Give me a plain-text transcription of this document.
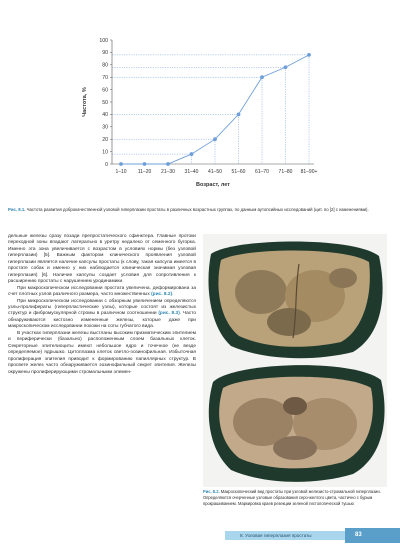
0
10
20
30
40
50
60
70
80
90
100
1–10 11–20 21–30 31–40 41–50 51–60 61–70 71–80 81–90+
Частота, %
Возраст, лет
Рис. 8.1. Частота развития доброкачественной узловой гиперплазии простаты в различных возрастных группах, по данным аутопсийных исследований (цит. по [2] с изменениями).

дельные железы сразу позади препростатического сфинктера. Главные протоки переходной зоны впадают латерально в уретру недалеко от семенного бугорка. Именно эта зона увеличивается с возрастом в условиях нормы (без узловой гиперплазии) [5]. Важным фактором клинического проявления узловой гиперплазии является наличие капсулы простаты (к слову, такая капсула имеется в простате собак и именно у них наблюдается клиническая значимая узловая гиперплазия) [6]. Наличие капсулы создает условия для сопротивления к расширению простаты с нарушением уродинамики.

При макроскопическом исследовании простата увеличена, деформирована за счет плотных узлов различного размера, часто множественных (рис. 8.2).

При микроскопическом исследовании с обзорным увеличением определяются узлы-пролифераты (гиперпластические узлы), которые состоят из железистых структур и фибромускулярной стромы в различном соотношении (рис. 8.3). Часто обнаруживаются кистозно измененные железы, которые даже при макроскопическом исследовании похожи на соты губчатого вида.

В участках гиперплазии железы выстланы высоким призматическим эпителием и периферически (базально) расположенным слоем базальных клеток. Секреторные эпителиоциты имеют небольшое ядро и точечное (не везде определяемое) ядрышко. Цитоплазма клеток светло-эозинофильная. Избыточная пролиферация эпителия приводит к формированию папиллярных структур. В просвете желез часто обнаруживается эозинофильный секрет эпителия. Железы окружены пролиферирующими стромальными элемен-

Рис. 8.2. Макроскопический вид простаты при узловой железисто-стромальной гиперплазии. Определяются очерченные узловые образования серо-желтого цвета, частично с бурым прокрашиванием. Маркировка краев резекции зеленой гистологической тушью
8. Узловая гиперплазия простаты	83
